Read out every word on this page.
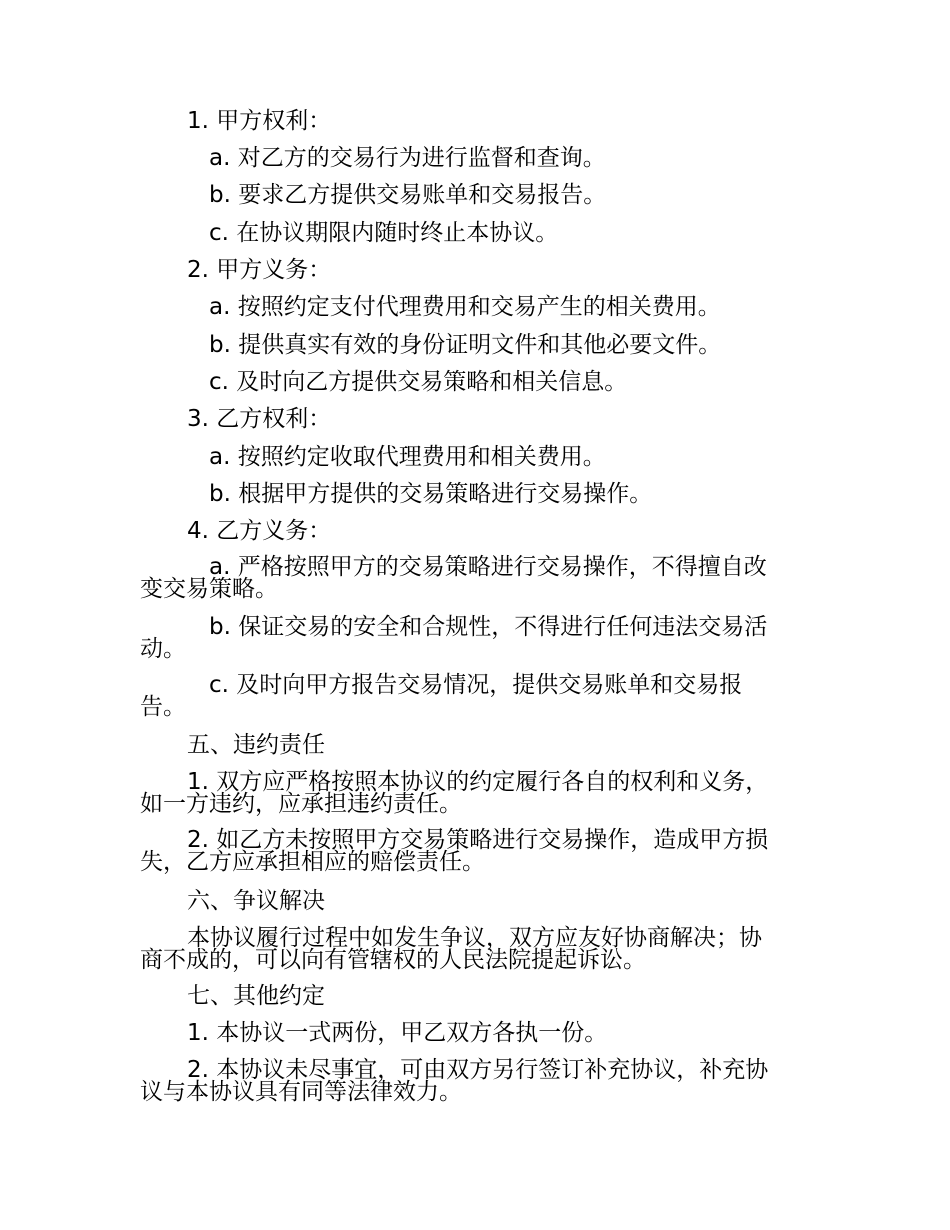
1. 甲方权利：
a. 对乙方的交易行为进行监督和查询。
b. 要求乙方提供交易账单和交易报告。
c. 在协议期限内随时终止本协议。
2. 甲方义务：
a. 按照约定支付代理费用和交易产生的相关费用。
b. 提供真实有效的身份证明文件和其他必要文件。
c. 及时向乙方提供交易策略和相关信息。
3. 乙方权利：
a. 按照约定收取代理费用和相关费用。
b. 根据甲方提供的交易策略进行交易操作。
4. 乙方义务：
a. 严格按照甲方的交易策略进行交易操作，不得擅自改
变交易策略。
b. 保证交易的安全和合规性，不得进行任何违法交易活
动。
c. 及时向甲方报告交易情况，提供交易账单和交易报
告。
五、违约责任
1. 双方应严格按照本协议的约定履行各自的权利和义务，
如一方违约，应承担违约责任。
2. 如乙方未按照甲方交易策略进行交易操作，造成甲方损
失，乙方应承担相应的赔偿责任。
六、争议解决
本协议履行过程中如发生争议，双方应友好协商解决；协
商不成的，可以向有管辖权的人民法院提起诉讼。
七、其他约定
1. 本协议一式两份，甲乙双方各执一份。
2. 本协议未尽事宜，可由双方另行签订补充协议，补充协
议与本协议具有同等法律效力。
